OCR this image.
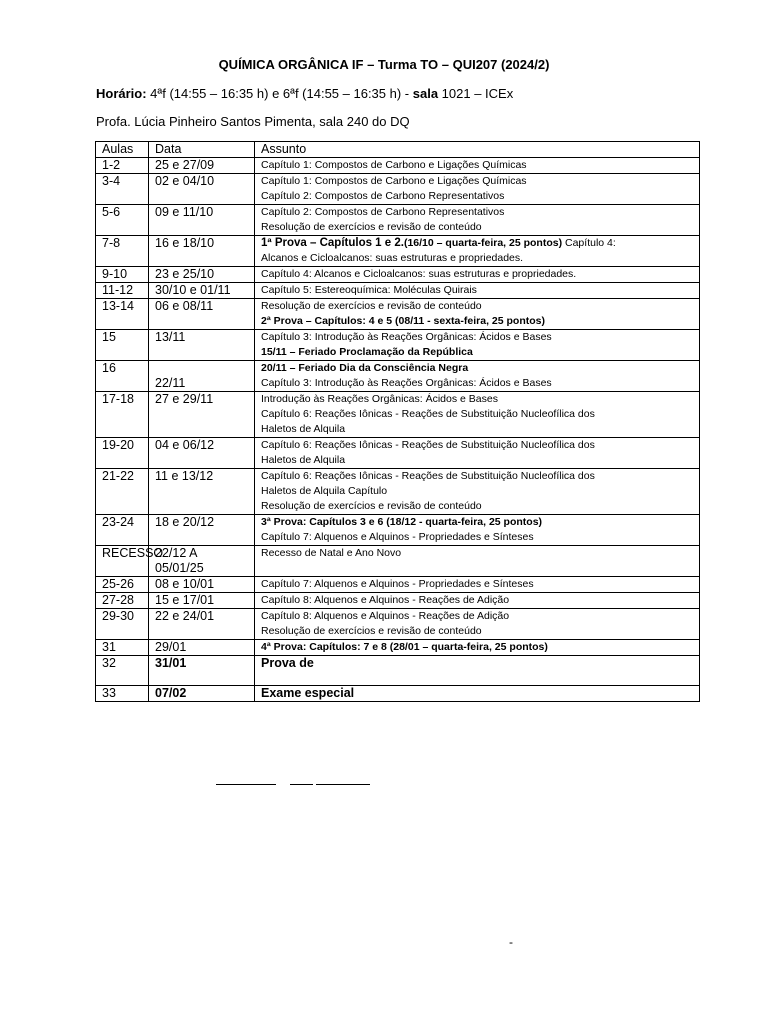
QUÍMICA ORGÂNICA IF – Turma TO – QUI207 (2024/2)
Horário: 4ªf (14:55 – 16:35 h) e 6ªf (14:55 – 16:35 h) - sala 1021 – ICEx
Profa. Lúcia Pinheiro Santos Pimenta, sala 240 do DQ
Aulas	Data	Assunto
1-2	25 e 27/09	Capítulo 1: Compostos de Carbono e Ligações Químicas

3-4	02 e 04/10	Capítulo 1: Compostos de Carbono e Ligações Químicas
Capítulo 2: Compostos de Carbono Representativos

5-6	09 e 11/10	Capítulo 2: Compostos de Carbono Representativos
Resolução de exercícios e revisão de conteúdo

7-8	16 e 18/10	1ª Prova – Capítulos 1 e 2.(16/10 – quarta-feira, 25 pontos) Capítulo 4:
Alcanos e Cicloalcanos: suas estruturas e propriedades.

9-10	23 e 25/10	Capítulo 4: Alcanos e Cicloalcanos: suas estruturas e propriedades.

11-12	30/10 e 01/11	Capítulo 5: Estereoquímica: Moléculas Quirais

13-14	06 e 08/11	Resolução de exercícios e revisão de conteúdo
2ª Prova – Capítulos: 4 e 5 (08/11 - sexta-feira, 25 pontos)

15	13/11	Capítulo 3: Introdução às Reações Orgânicas: Ácidos e Bases
15/11 – Feriado Proclamação da República

16	22/11	20/11 – Feriado Dia da Consciência Negra
Capítulo 3: Introdução às Reações Orgânicas: Ácidos e Bases

17-18	27 e 29/11	Introdução às Reações Orgânicas: Ácidos e Bases
Capítulo 6: Reações Iônicas - Reações de Substituição Nucleofílica dos
Haletos de Alquila

19-20	04 e 06/12	Capítulo 6: Reações Iônicas - Reações de Substituição Nucleofílica dos
Haletos de Alquila

21-22	11 e 13/12	Capítulo 6: Reações Iônicas - Reações de Substituição Nucleofílica dos
Haletos de Alquila Capítulo
Resolução de exercícios e revisão de conteúdo

23-24	18 e 20/12	3ª Prova: Capítulos 3 e 6 (18/12 - quarta-feira, 25 pontos)
Capítulo 7: Alquenos e Alquinos - Propriedades e Sínteses

RECESSO	22/12 A 05/01/25	Recesso de Natal e Ano Novo

25-26	08 e 10/01	Capítulo 7: Alquenos e Alquinos - Propriedades e Sínteses

27-28	15 e 17/01	Capítulo 8: Alquenos e Alquinos - Reações de Adição

29-30	22 e 24/01	Capítulo 8: Alquenos e Alquinos - Reações de Adição
Resolução de exercícios e revisão de conteúdo

31	29/01	4ª Prova: Capítulos: 7 e 8 (28/01 – quarta-feira, 25 pontos)

32	31/01	Prova de

33	07/02	Exame especial
-
